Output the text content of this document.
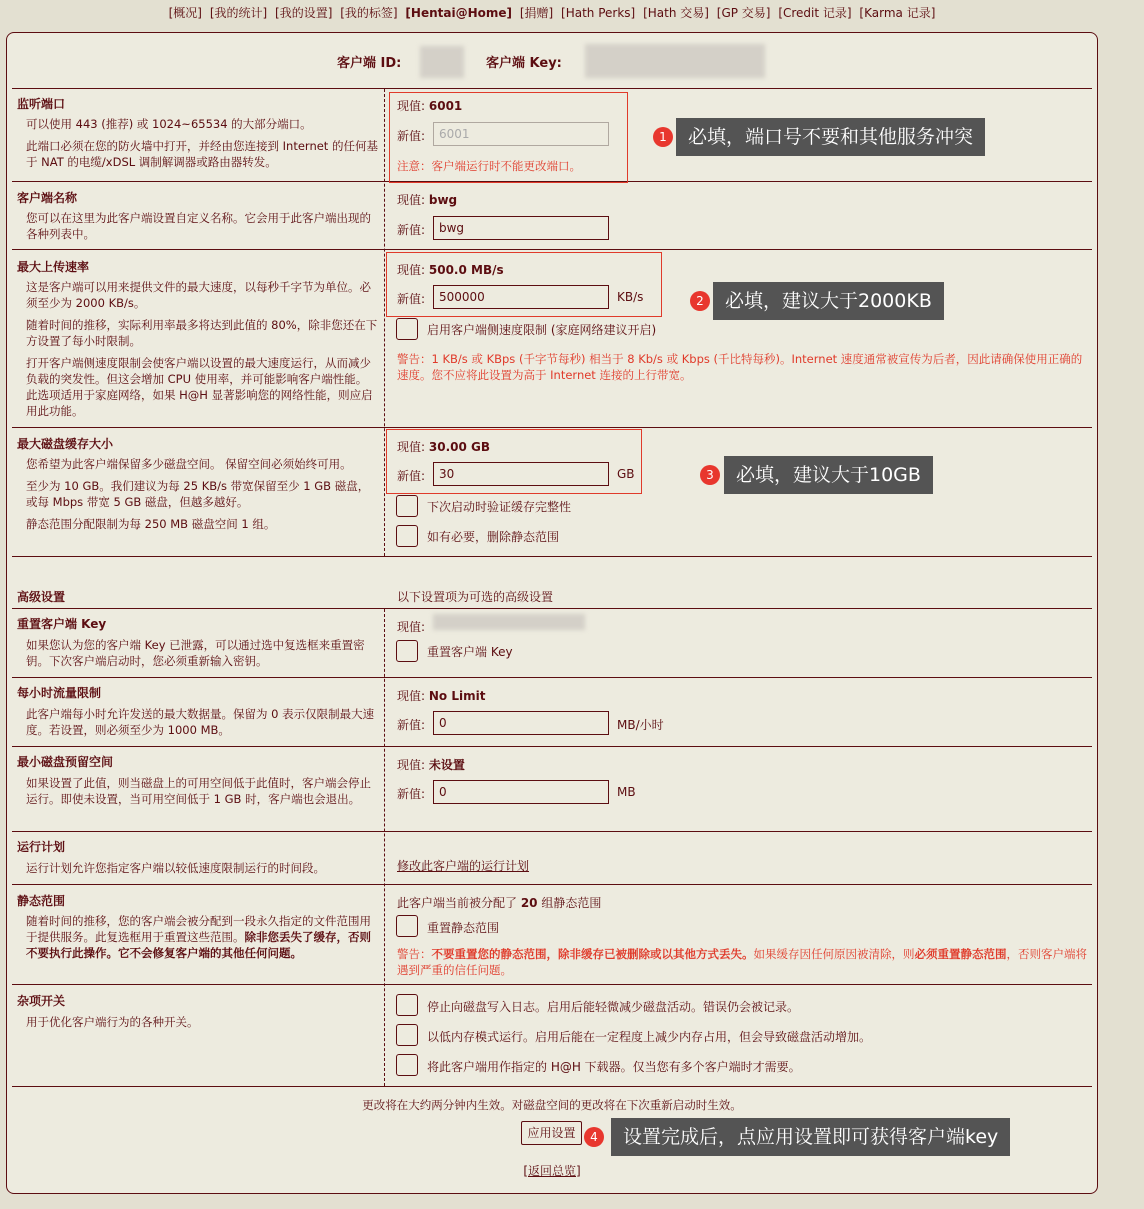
[概况] [我的统计] [我的设置] [我的标签] [Hentai@Home] [捐赠] [Hath Perks] [Hath 交易] [GP 交易] [Credit 记录] [Karma 记录]
客户端 ID:	客户端 Key:
监听端口
可以使用 443 (推荐) 或 1024~65534 的大部分端口。
此端口必须在您的防火墙中打开，并经由您连接到 Internet 的任何基于 NAT 的电缆/xDSL 调制解调器或路由器转发。
现值: 6001
新值:	6001
注意：客户端运行时不能更改端口。
客户端名称
您可以在这里为此客户端设置自定义名称。它会用于此客户端出现的各种列表中。
现值: bwg
新值:	bwg
最大上传速率
这是客户端可以用来提供文件的最大速度，以每秒千字节为单位。必须至少为 2000 KB/s。
随着时间的推移，实际利用率最多将达到此值的 80%，除非您还在下方设置了每小时限制。
打开客户端侧速度限制会使客户端以设置的最大速度运行，从而减少负载的突发性。但这会增加 CPU 使用率，并可能影响客户端性能。此选项适用于家庭网络，如果 H@H 显著影响您的网络性能，则应启用此功能。
现值: 500.0 MB/s
新值:	500000	KB/s
启用客户端侧速度限制 (家庭网络建议开启)
警告：1 KB/s 或 KBps (千字节每秒) 相当于 8 Kb/s 或 Kbps (千比特每秒)。Internet 速度通常被宣传为后者，因此请确保使用正确的速度。您不应将此设置为高于 Internet 连接的上行带宽。
最大磁盘缓存大小
您希望为此客户端保留多少磁盘空间。 保留空间必须始终可用。
至少为 10 GB。我们建议为每 25 KB/s 带宽保留至少 1 GB 磁盘，或每 Mbps 带宽 5 GB 磁盘，但越多越好。
静态范围分配限制为每 250 MB 磁盘空间 1 组。
现值: 30.00 GB
新值:	30	GB
下次启动时验证缓存完整性
如有必要，删除静态范围
高级设置	以下设置项为可选的高级设置
重置客户端 Key
如果您认为您的客户端 Key 已泄露，可以通过选中复选框来重置密钥。下次客户端启动时，您必须重新输入密钥。
现值:
重置客户端 Key
每小时流量限制
此客户端每小时允许发送的最大数据量。保留为 0 表示仅限制最大速度。若设置，则必须至少为 1000 MB。
现值: No Limit
新值:	0	MB/小时
最小磁盘预留空间
如果设置了此值，则当磁盘上的可用空间低于此值时，客户端会停止运行。即使未设置，当可用空间低于 1 GB 时，客户端也会退出。
现值: 未设置
新值:	0	MB
运行计划
运行计划允许您指定客户端以较低速度限制运行的时间段。	修改此客户端的运行计划
静态范围
随着时间的推移，您的客户端会被分配到一段永久指定的文件范围用于提供服务。此复选框用于重置这些范围。除非您丢失了缓存，否则不要执行此操作。它不会修复客户端的其他任何问题。
此客户端当前被分配了 20 组静态范围
重置静态范围
警告：不要重置您的静态范围，除非缓存已被删除或以其他方式丢失。如果缓存因任何原因被清除，则必须重置静态范围，否则客户端将遇到严重的信任问题。
杂项开关
用于优化客户端行为的各种开关。
停止向磁盘写入日志。启用后能轻微减少磁盘活动。错误仍会被记录。
以低内存模式运行。启用后能在一定程度上减少内存占用，但会导致磁盘活动增加。
将此客户端用作指定的 H@H 下载器。仅当您有多个客户端时才需要。
更改将在大约两分钟内生效。对磁盘空间的更改将在下次重新启动时生效。
应用设置
[返回总览]
1	必填，端口号不要和其他服务冲突
2	必填，建议大于2000KB
3	必填，建议大于10GB
4	设置完成后，点应用设置即可获得客户端key
